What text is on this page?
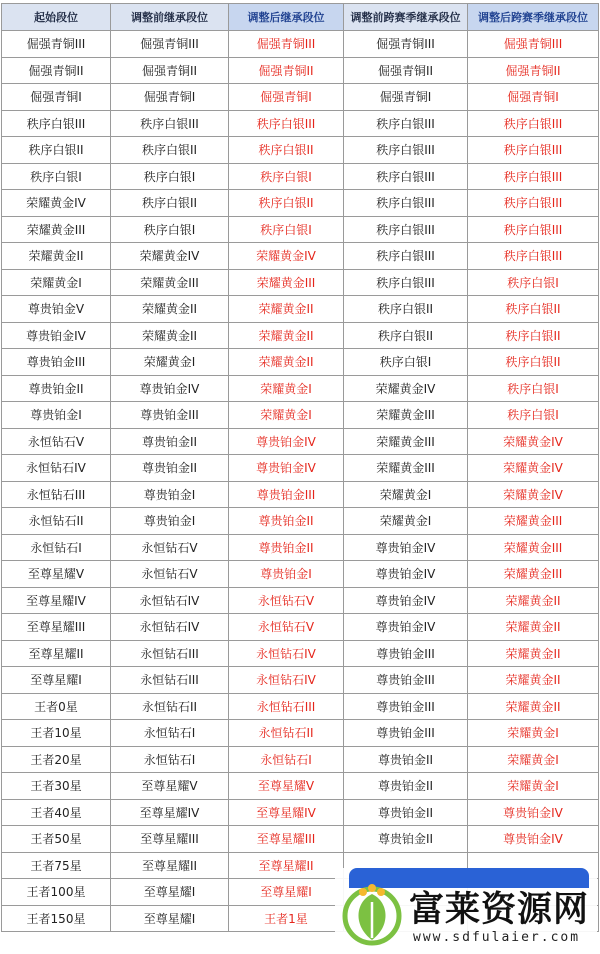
起始段位	调整前继承段位	调整后继承段位	调整前跨赛季继承段位	调整后跨赛季继承段位
倔强青铜III	倔强青铜III	倔强青铜III	倔强青铜III	倔强青铜III
倔强青铜II	倔强青铜II	倔强青铜II	倔强青铜II	倔强青铜II
倔强青铜I	倔强青铜I	倔强青铜I	倔强青铜I	倔强青铜I
秩序白银III	秩序白银III	秩序白银III	秩序白银III	秩序白银III
秩序白银II	秩序白银II	秩序白银II	秩序白银III	秩序白银III
秩序白银I	秩序白银I	秩序白银I	秩序白银III	秩序白银III
荣耀黄金IV	秩序白银II	秩序白银II	秩序白银III	秩序白银III
荣耀黄金III	秩序白银I	秩序白银I	秩序白银III	秩序白银III
荣耀黄金II	荣耀黄金IV	荣耀黄金IV	秩序白银III	秩序白银III
荣耀黄金I	荣耀黄金III	荣耀黄金III	秩序白银III	秩序白银I
尊贵铂金V	荣耀黄金II	荣耀黄金II	秩序白银II	秩序白银II
尊贵铂金IV	荣耀黄金II	荣耀黄金II	秩序白银II	秩序白银II
尊贵铂金III	荣耀黄金I	荣耀黄金II	秩序白银I	秩序白银II
尊贵铂金II	尊贵铂金IV	荣耀黄金I	荣耀黄金IV	秩序白银I
尊贵铂金I	尊贵铂金III	荣耀黄金I	荣耀黄金III	秩序白银I
永恒钻石V	尊贵铂金II	尊贵铂金IV	荣耀黄金III	荣耀黄金IV
永恒钻石IV	尊贵铂金II	尊贵铂金IV	荣耀黄金III	荣耀黄金IV
永恒钻石III	尊贵铂金I	尊贵铂金III	荣耀黄金I	荣耀黄金IV
永恒钻石II	尊贵铂金I	尊贵铂金II	荣耀黄金I	荣耀黄金III
永恒钻石I	永恒钻石V	尊贵铂金II	尊贵铂金IV	荣耀黄金III
至尊星耀V	永恒钻石V	尊贵铂金I	尊贵铂金IV	荣耀黄金III
至尊星耀IV	永恒钻石IV	永恒钻石V	尊贵铂金IV	荣耀黄金II
至尊星耀III	永恒钻石IV	永恒钻石V	尊贵铂金IV	荣耀黄金II
至尊星耀II	永恒钻石III	永恒钻石IV	尊贵铂金III	荣耀黄金II
至尊星耀I	永恒钻石III	永恒钻石IV	尊贵铂金III	荣耀黄金II
王者0星	永恒钻石II	永恒钻石III	尊贵铂金III	荣耀黄金II
王者10星	永恒钻石I	永恒钻石II	尊贵铂金III	荣耀黄金I
王者20星	永恒钻石I	永恒钻石I	尊贵铂金II	荣耀黄金I
王者30星	至尊星耀V	至尊星耀V	尊贵铂金II	荣耀黄金I
王者40星	至尊星耀IV	至尊星耀IV	尊贵铂金II	尊贵铂金IV
王者50星	至尊星耀III	至尊星耀III	尊贵铂金II	尊贵铂金IV
王者75星	至尊星耀II	至尊星耀II		
王者100星	至尊星耀I	至尊星耀I		
王者150星	至尊星耀I	王者1星			富莱资源网
www.sdfulaier.com
